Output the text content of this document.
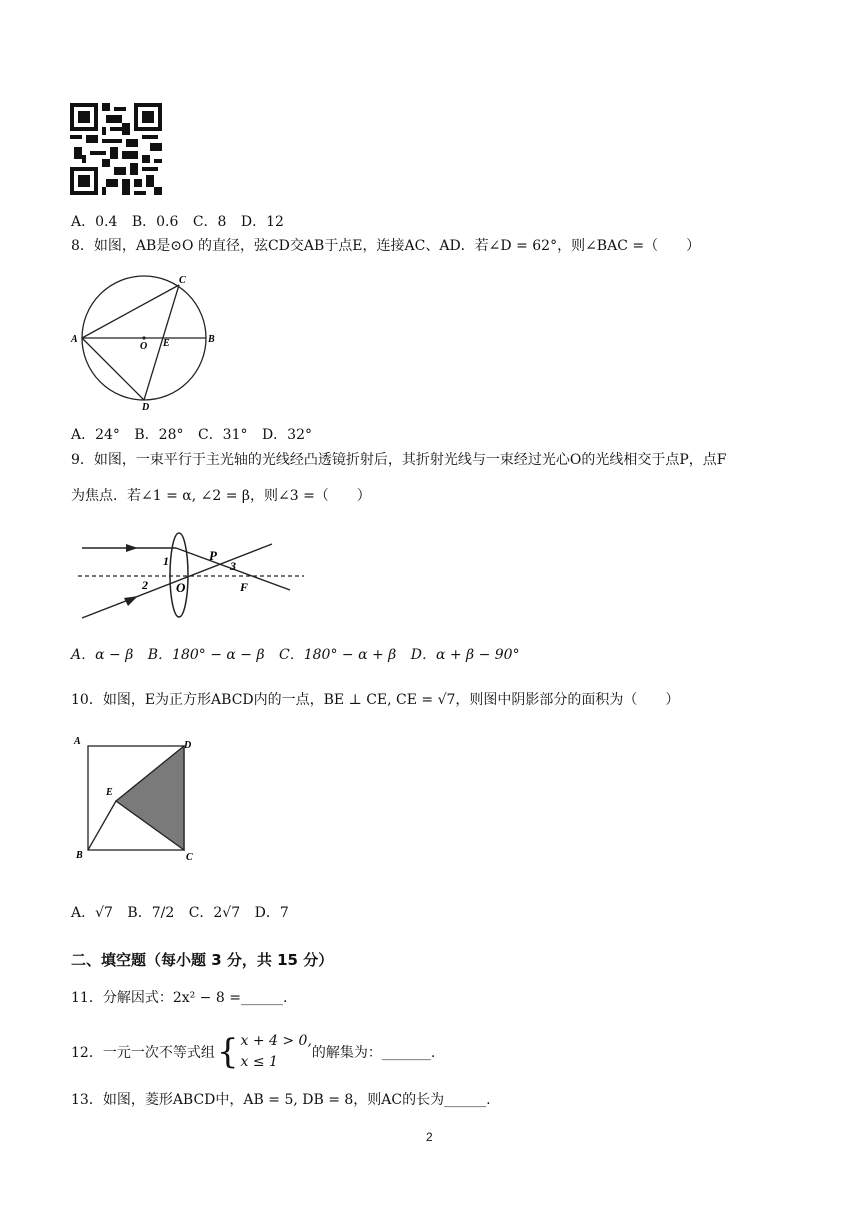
A．0.4 B．0.6 C．8 D．12
8．如图，AB是⊙O 的直径，弦CD交AB于点E，连接AC、AD．若∠D = 62°，则∠BAC =（　　）
A	B
C
D
O E
A．24° B．28° C．31° D．32°
9．如图，一束平行于主光轴的光线经凸透镜折射后，其折射光线与一束经过光心O的光线相交于点P，点F
为焦点．若∠1 = α, ∠2 = β，则∠3 =（　　）
1
2
3
P
O	F
A．α − β B．180° − α − β C．180° − α + β D．α + β − 90°
10．如图，E为正方形ABCD内的一点，BE ⊥ CE, CE = √7，则图中阴影部分的面积为（　　）
A
B	C
D
E
A．√7 B．7/2 C．2√7 D．7
二、填空题（每小题 3 分，共 15 分）
11．分解因式：2x² − 8 =______.
12．一元一次不等式组 { x + 4 > 0,
x ≤ 1
的解集为：_______.
13．如图，菱形ABCD中，AB = 5, DB = 8，则AC的长为______.
2
